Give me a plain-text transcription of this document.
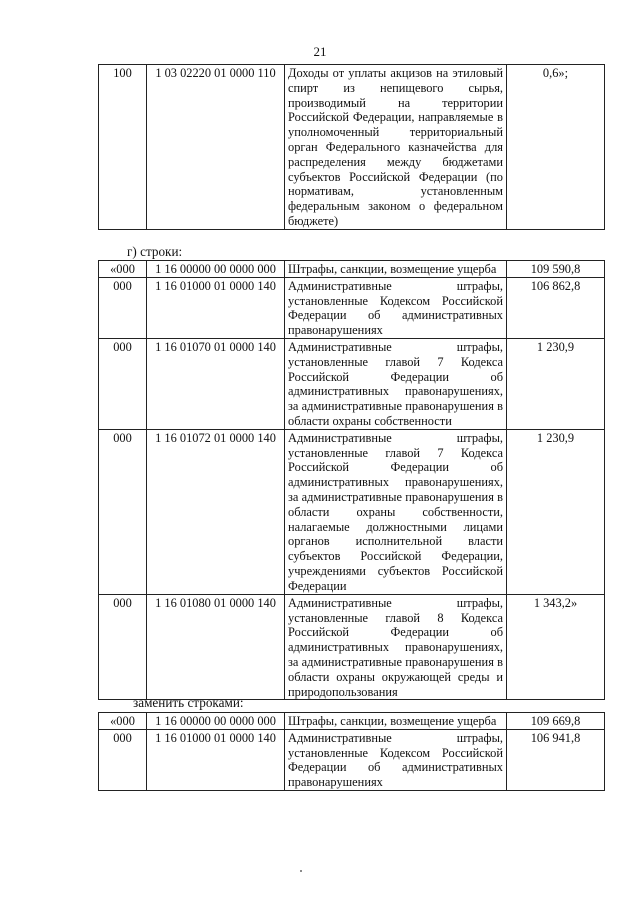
21
100	1 03 02220 01 0000 110	Доходы от уплаты акцизов на этиловый спирт из непищевого сырья, производимый на территории Российской Федерации, направляемые в уполномоченный территориальный орган Федерального казначейства для распределения между бюджетами субъектов Российской Федерации (по нормативам, установленным федеральным законом о федеральном бюджете)	0,6»;
г) строки:
«000	1 16 00000 00 0000 000	Штрафы, санкции, возмещение ущерба	109 590,8
000	1 16 01000 01 0000 140	Административные штрафы, установленные Кодексом Российской Федерации об административных правонарушениях	106 862,8
000	1 16 01070 01 0000 140	Административные штрафы, установленные главой 7 Кодекса Российской Федерации об административных правонарушениях, за административные правонарушения в области охраны собственности	1 230,9
000	1 16 01072 01 0000 140	Административные штрафы, установленные главой 7 Кодекса Российской Федерации об административных правонарушениях, за административные правонарушения в области охраны собственности, налагаемые должностными лицами органов исполнительной власти субъектов Российской Федерации, учреждениями субъектов Российской Федерации	1 230,9
000	1 16 01080 01 0000 140	Административные штрафы, установленные главой 8 Кодекса Российской Федерации об административных правонарушениях, за административные правонарушения в области охраны окружающей среды и природопользования	1 343,2»
заменить строками:
«000	1 16 00000 00 0000 000	Штрафы, санкции, возмещение ущерба	109 669,8
000	1 16 01000 01 0000 140	Административные штрафы, установленные Кодексом Российской Федерации об административных правонарушениях	106 941,8
